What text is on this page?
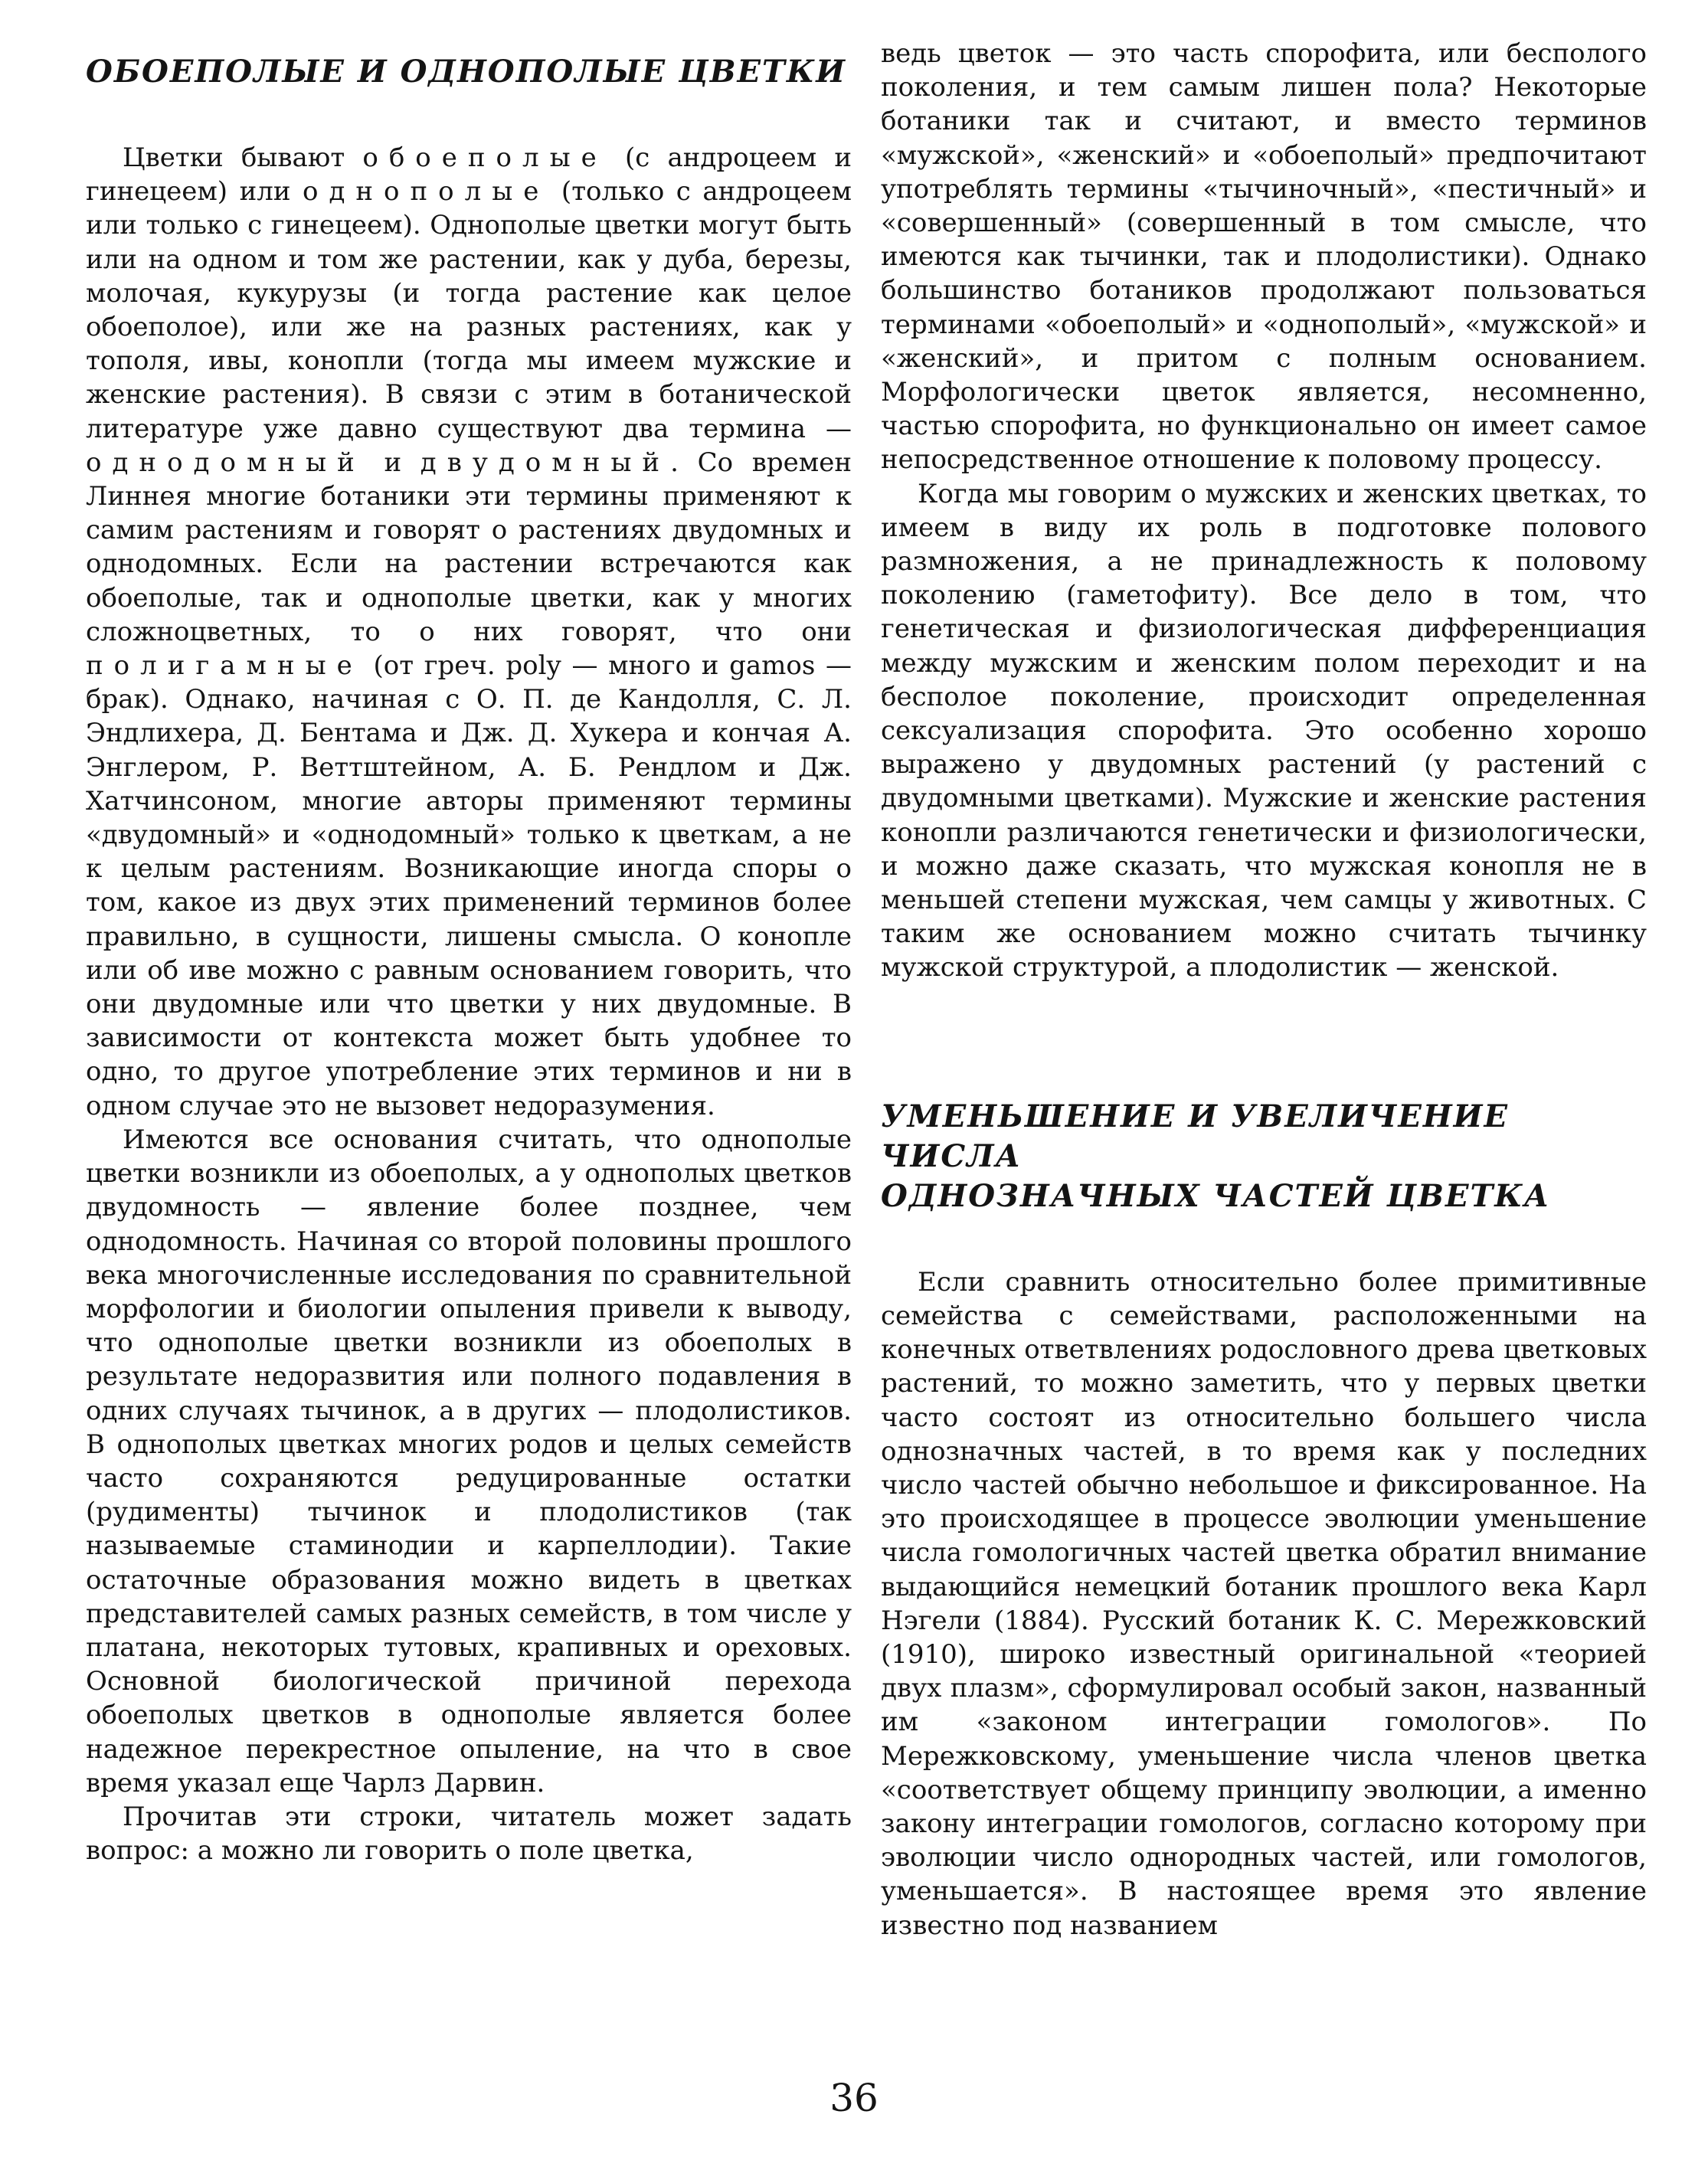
ОБОЕПОЛЫЕ И ОДНОПОЛЫЕ ЦВЕТКИ

Цветки бывают обоеполые (с андроцеем и гинецеем) или однополые (только с андроцеем или только с гинецеем). Однополые цветки могут быть или на одном и том же растении, как у дуба, березы, молочая, кукурузы (и тогда растение как целое обоеполое), или же на разных растениях, как у тополя, ивы, конопли (тогда мы имеем мужские и женские растения). В связи с этим в ботанической литературе уже давно существуют два термина — однодомный и двудомный. Со времен Линнея многие ботаники эти термины применяют к самим растениям и говорят о растениях двудомных и однодомных. Если на растении встречаются как обоеполые, так и однополые цветки, как у многих сложноцветных, то о них говорят, что они полигамные (от греч. poly — много и gamos — брак). Однако, начиная с О. П. де Кандолля, С. Л. Эндлихера, Д. Бентама и Дж. Д. Хукера и кончая А. Энглером, Р. Веттштейном, А. Б. Рендлом и Дж. Хатчинсоном, многие авторы применяют термины «двудомный» и «однодомный» только к цветкам, а не к целым растениям. Возникающие иногда споры о том, какое из двух этих применений терминов более правильно, в сущности, лишены смысла. О конопле или об иве можно с равным основанием говорить, что они двудомные или что цветки у них двудомные. В зависимости от контекста может быть удобнее то одно, то другое употребление этих терминов и ни в одном случае это не вызовет недоразумения.

Имеются все основания считать, что однополые цветки возникли из обоеполых, а у однополых цветков двудомность — явление более позднее, чем однодомность. Начиная со второй половины прошлого века многочисленные исследования по сравнительной морфологии и биологии опыления привели к выводу, что однополые цветки возникли из обоеполых в результате недоразвития или полного подавления в одних случаях тычинок, а в других — плодолистиков. В однополых цветках многих родов и целых семейств часто сохраняются редуцированные остатки (рудименты) тычинок и плодолистиков (так называемые стаминодии и карпеллодии). Такие остаточные образования можно видеть в цветках представителей самых разных семейств, в том числе у платана, некоторых тутовых, крапивных и ореховых. Основной биологической причиной перехода обоеполых цветков в однополые является более надежное перекрестное опыление, на что в свое время указал еще Чарлз Дарвин.

Прочитав эти строки, читатель может задать вопрос: а можно ли говорить о поле цветка,

ведь цветок — это часть спорофита, или бесполого поколения, и тем самым лишен пола? Некоторые ботаники так и считают, и вместо терминов «мужской», «женский» и «обоеполый» предпочитают употреблять термины «тычиночный», «пестичный» и «совершенный» (совершенный в том смысле, что имеются как тычинки, так и плодолистики). Однако большинство ботаников продолжают пользоваться терминами «обоеполый» и «однополый», «мужской» и «женский», и притом с полным основанием. Морфологически цветок является, несомненно, частью спорофита, но функционально он имеет самое непосредственное отношение к половому процессу.

Когда мы говорим о мужских и женских цветках, то имеем в виду их роль в подготовке полового размножения, а не принадлежность к половому поколению (гаметофиту). Все дело в том, что генетическая и физиологическая дифференциация между мужским и женским полом переходит и на бесполое поколение, происходит определенная сексуализация спорофита. Это особенно хорошо выражено у двудомных растений (у растений с двудомными цветками). Мужские и женские растения конопли различаются генетически и физиологически, и можно даже сказать, что мужская конопля не в меньшей степени мужская, чем самцы у животных. С таким же основанием можно считать тычинку мужской структурой, а плодолистик — женской.

УМЕНЬШЕНИЕ И УВЕЛИЧЕНИЕ ЧИСЛА
ОДНОЗНАЧНЫХ ЧАСТЕЙ ЦВЕТКА

Если сравнить относительно более примитивные семейства с семействами, расположенными на конечных ответвлениях родословного древа цветковых растений, то можно заметить, что у первых цветки часто состоят из относительно большего числа однозначных частей, в то время как у последних число частей обычно небольшое и фиксированное. На это происходящее в процессе эволюции уменьшение числа гомологичных частей цветка обратил внимание выдающийся немецкий ботаник прошлого века Карл Нэгели (1884). Русский ботаник К. С. Мережковский (1910), широко известный оригинальной «теорией двух плазм», сформулировал особый закон, названный им «законом интеграции гомологов». По Мережковскому, уменьшение числа членов цветка «соответствует общему принципу эволюции, а именно закону интеграции гомологов, согласно которому при эволюции число однородных частей, или гомологов, уменьшается». В настоящее время это явление известно под названием

36
